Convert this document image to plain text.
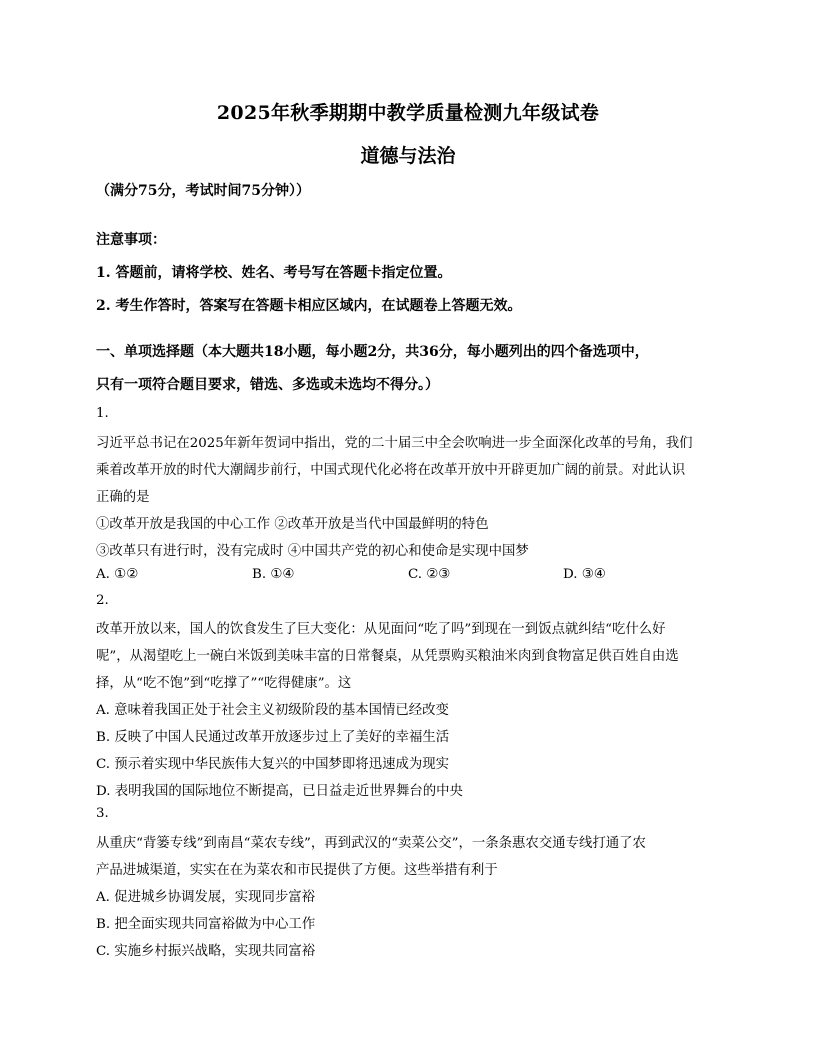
2025年秋季期期中教学质量检测九年级试卷
道德与法治
（满分75分，考试时间75分钟））
注意事项：
1. 答题前，请将学校、姓名、考号写在答题卡指定位置。
2. 考生作答时，答案写在答题卡相应区域内，在试题卷上答题无效。
一、单项选择题（本大题共18小题，每小题2分，共36分，每小题列出的四个备选项中，
只有一项符合题目要求，错选、多选或未选均不得分。）
1.
习近平总书记在2025年新年贺词中指出，党的二十届三中全会吹响进一步全面深化改革的号角，我们
乘着改革开放的时代大潮阔步前行，中国式现代化必将在改革开放中开辟更加广阔的前景。对此认识
正确的是
①改革开放是我国的中心工作 ②改革开放是当代中国最鲜明的特色
③改革只有进行时，没有完成时 ④中国共产党的初心和使命是实现中国梦
A. ①②	B. ①④	C. ②③	D. ③④
2.
改革开放以来，国人的饮食发生了巨大变化：从见面问“吃了吗”到现在一到饭点就纠结“吃什么好
呢”，从渴望吃上一碗白米饭到美味丰富的日常餐桌，从凭票购买粮油米肉到食物富足供百姓自由选
择，从“吃不饱”到“吃撑了”“吃得健康”。这
A. 意味着我国正处于社会主义初级阶段的基本国情已经改变
B. 反映了中国人民通过改革开放逐步过上了美好的幸福生活
C. 预示着实现中华民族伟大复兴的中国梦即将迅速成为现实
D. 表明我国的国际地位不断提高，已日益走近世界舞台的中央
3.
从重庆“背篓专线”到南昌“菜农专线”，再到武汉的“卖菜公交”，一条条惠农交通专线打通了农
产品进城渠道，实实在在为菜农和市民提供了方便。这些举措有利于
A. 促进城乡协调发展，实现同步富裕
B. 把全面实现共同富裕做为中心工作
C. 实施乡村振兴战略，实现共同富裕
